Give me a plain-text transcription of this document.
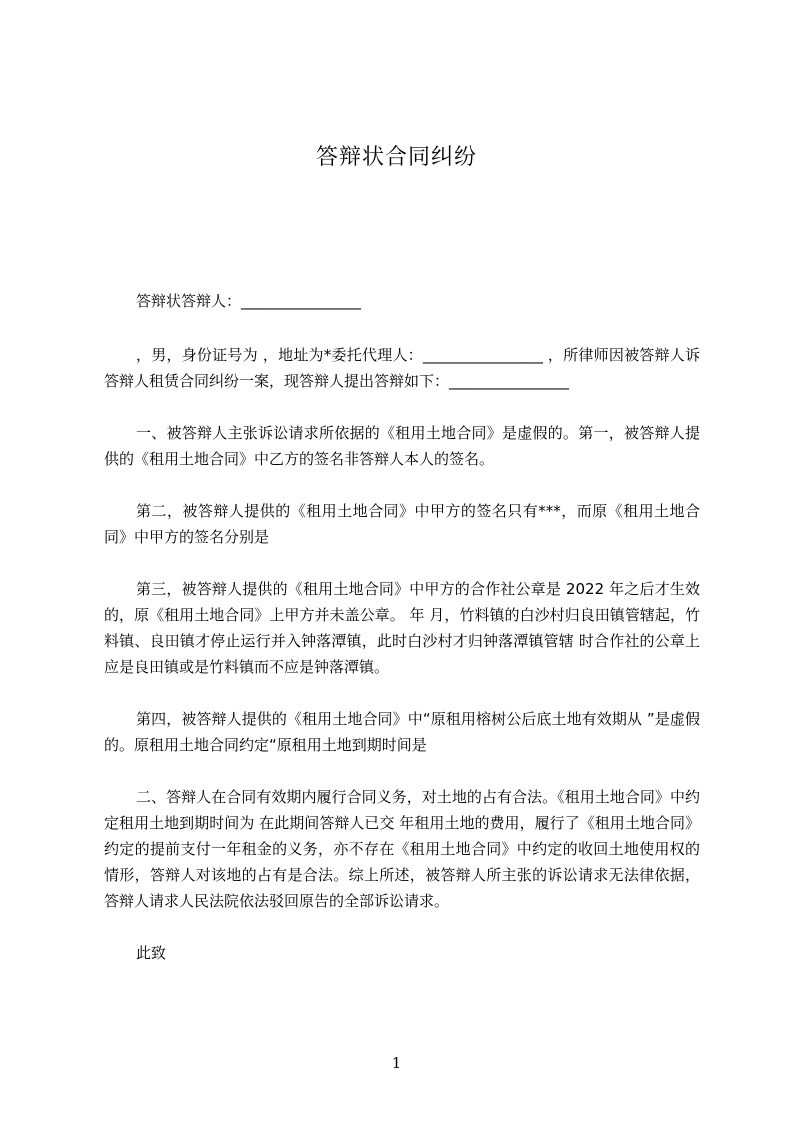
答辩状合同纠纷

答辩状答辩人：________________

，男，身份证号为 ，地址为*委托代理人：________________ ，所律师因被答辩人诉答辩人租赁合同纠纷一案，现答辩人提出答辩如下：________________

一、被答辩人主张诉讼请求所依据的《租用土地合同》是虚假的。第一，被答辩人提供的《租用土地合同》中乙方的签名非答辩人本人的签名。

第二，被答辩人提供的《租用土地合同》中甲方的签名只有***，而原《租用土地合同》中甲方的签名分别是

第三，被答辩人提供的《租用土地合同》中甲方的合作社公章是 2022 年之后才生效的，原《租用土地合同》上甲方并未盖公章。 年 月，竹料镇的白沙村归良田镇管辖起，竹料镇、良田镇才停止运行并入钟落潭镇，此时白沙村才归钟落潭镇管辖 时合作社的公章上应是良田镇或是竹料镇而不应是钟落潭镇。

第四，被答辩人提供的《租用土地合同》中“原租用榕树公后底土地有效期从 ”是虚假的。原租用土地合同约定“原租用土地到期时间是

二、答辩人在合同有效期内履行合同义务，对土地的占有合法。《租用土地合同》中约定租用土地到期时间为 在此期间答辩人已交 年租用土地的费用，履行了《租用土地合同》约定的提前支付一年租金的义务，亦不存在《租用土地合同》中约定的收回土地使用权的情形，答辩人对该地的占有是合法。综上所述，被答辩人所主张的诉讼请求无法律依据，答辩人请求人民法院依法驳回原告的全部诉讼请求。

此致

1
